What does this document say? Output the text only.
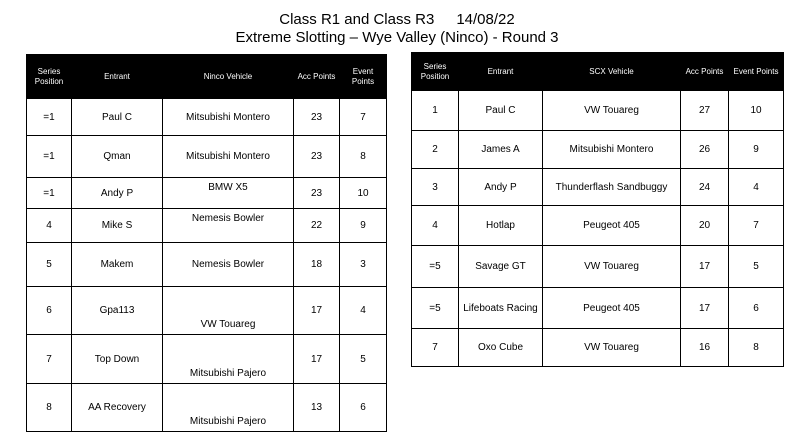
Class R1 and Class R3 14/08/22
Extreme Slotting – Wye Valley (Ninco) - Round 3
Series Position	Entrant	Ninco Vehicle	Acc Points	Event Points
=1	Paul C	Mitsubishi Montero	23	7
=1	Qman	Mitsubishi Montero	23	8
=1	Andy P	BMW X5	23	10
4	Mike S	Nemesis Bowler	22	9
5	Makem	Nemesis Bowler	18	3
6	Gpa113	VW Touareg	17	4
7	Top Down	Mitsubishi Pajero	17	5
8	AA Recovery	Mitsubishi Pajero	13	6
Series Position	Entrant	SCX Vehicle	Acc Points	Event Points
1	Paul C	VW Touareg	27	10
2	James A	Mitsubishi Montero	26	9
3	Andy P	Thunderflash Sandbuggy	24	4
4	Hotlap	Peugeot 405	20	7
=5	Savage GT	VW Touareg	17	5
=5	Lifeboats Racing	Peugeot 405	17	6
7	Oxo Cube	VW Touareg	16	8
